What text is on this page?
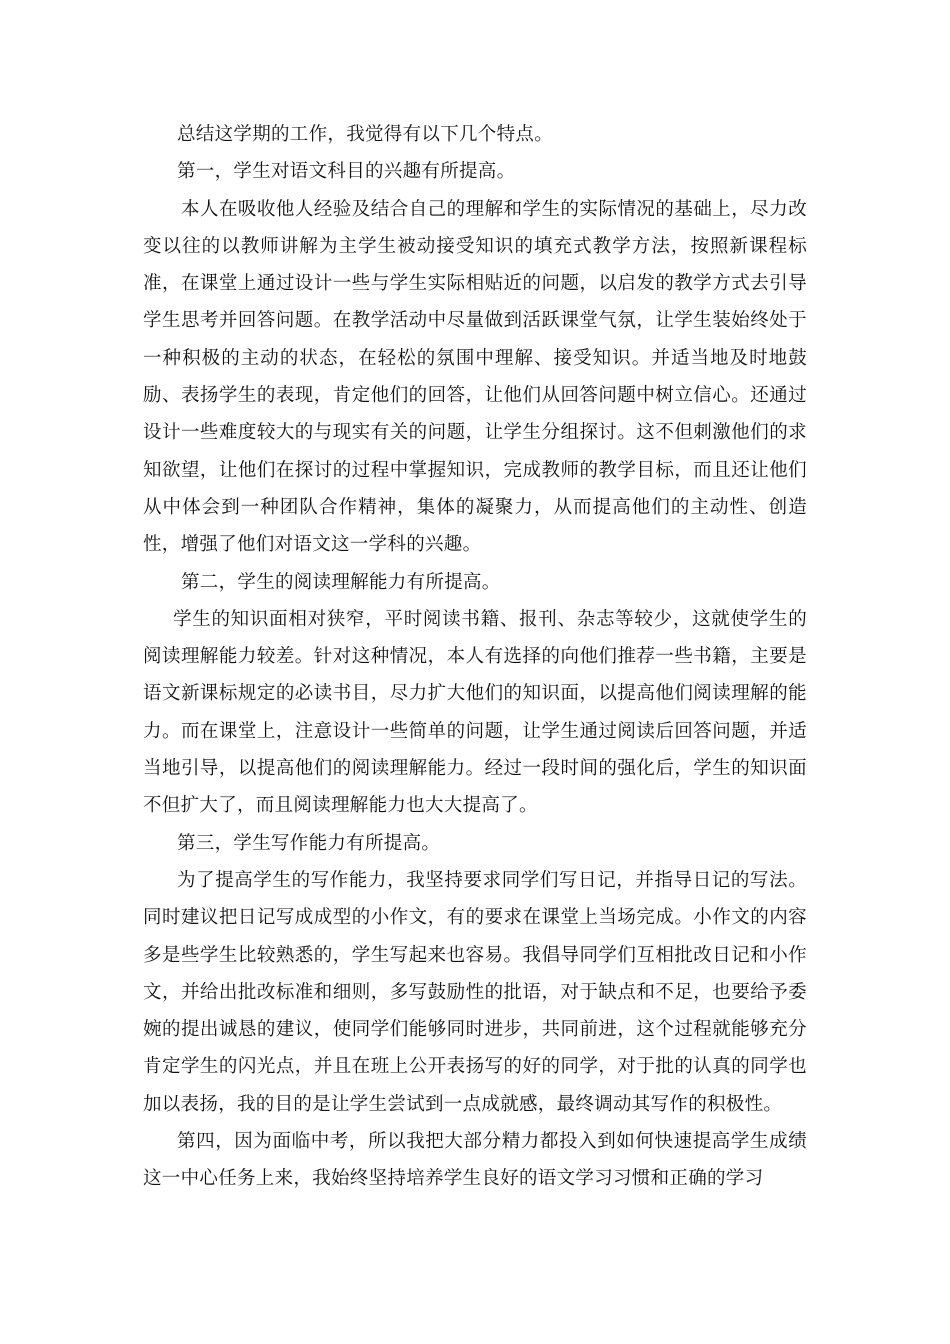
总结这学期的工作，我觉得有以下几个特点。

第一，学生对语文科目的兴趣有所提高。

本人在吸收他人经验及结合自己的理解和学生的实际情况的基础上，尽力改变以往的以教师讲解为主学生被动接受知识的填充式教学方法，按照新课程标准，在课堂上通过设计一些与学生实际相贴近的问题，以启发的教学方式去引导学生思考并回答问题。在教学活动中尽量做到活跃课堂气氛，让学生装始终处于一种积极的主动的状态，在轻松的氛围中理解、接受知识。并适当地及时地鼓励、表扬学生的表现，肯定他们的回答，让他们从回答问题中树立信心。还通过设计一些难度较大的与现实有关的问题，让学生分组探讨。这不但刺激他们的求知欲望，让他们在探讨的过程中掌握知识，完成教师的教学目标，而且还让他们从中体会到一种团队合作精神，集体的凝聚力，从而提高他们的主动性、创造性，增强了他们对语文这一学科的兴趣。

第二，学生的阅读理解能力有所提高。

学生的知识面相对狭窄，平时阅读书籍、报刊、杂志等较少，这就使学生的阅读理解能力较差。针对这种情况，本人有选择的向他们推荐一些书籍，主要是语文新课标规定的必读书目，尽力扩大他们的知识面，以提高他们阅读理解的能力。而在课堂上，注意设计一些简单的问题，让学生通过阅读后回答问题，并适当地引导，以提高他们的阅读理解能力。经过一段时间的强化后，学生的知识面不但扩大了，而且阅读理解能力也大大提高了。

第三，学生写作能力有所提高。

为了提高学生的写作能力，我坚持要求同学们写日记，并指导日记的写法。同时建议把日记写成成型的小作文，有的要求在课堂上当场完成。小作文的内容多是些学生比较熟悉的，学生写起来也容易。我倡导同学们互相批改日记和小作文，并给出批改标准和细则，多写鼓励性的批语，对于缺点和不足，也要给予委婉的提出诚恳的建议，使同学们能够同时进步，共同前进，这个过程就能够充分肯定学生的闪光点，并且在班上公开表扬写的好的同学，对于批的认真的同学也加以表扬，我的目的是让学生尝试到一点成就感，最终调动其写作的积极性。

第四，因为面临中考，所以我把大部分精力都投入到如何快速提高学生成绩这一中心任务上来，我始终坚持培养学生良好的语文学习习惯和正确的学习
